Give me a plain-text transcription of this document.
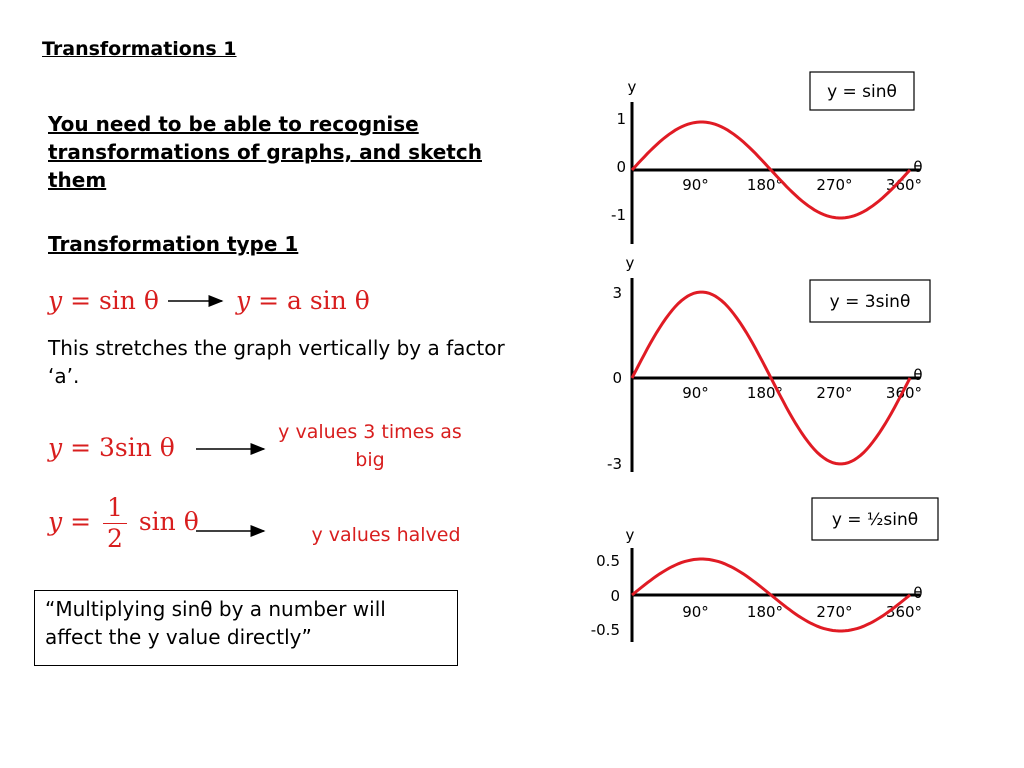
Transformations 1
You need to be able to recognise transformations of graphs, and sketch them
Transformation type 1
y = sin θ	y = a sin θ
This stretches the graph vertically by a factor ‘a’.
y = 3sin θ
y values 3 times as big
$y = \frac{1}{2}$ sin θ	y values halved
“Multiplying sinθ by a number will affect the y value directly”
y
θ
1
0
-1
90°	180° 270° 360°
y = sinθ
y
θ
3
0
-3
90°	180° 270° 360°
y = 3sinθ
y
θ
0.5
0
-0.5
90°	180° 270° 360°
y = ½sinθ
